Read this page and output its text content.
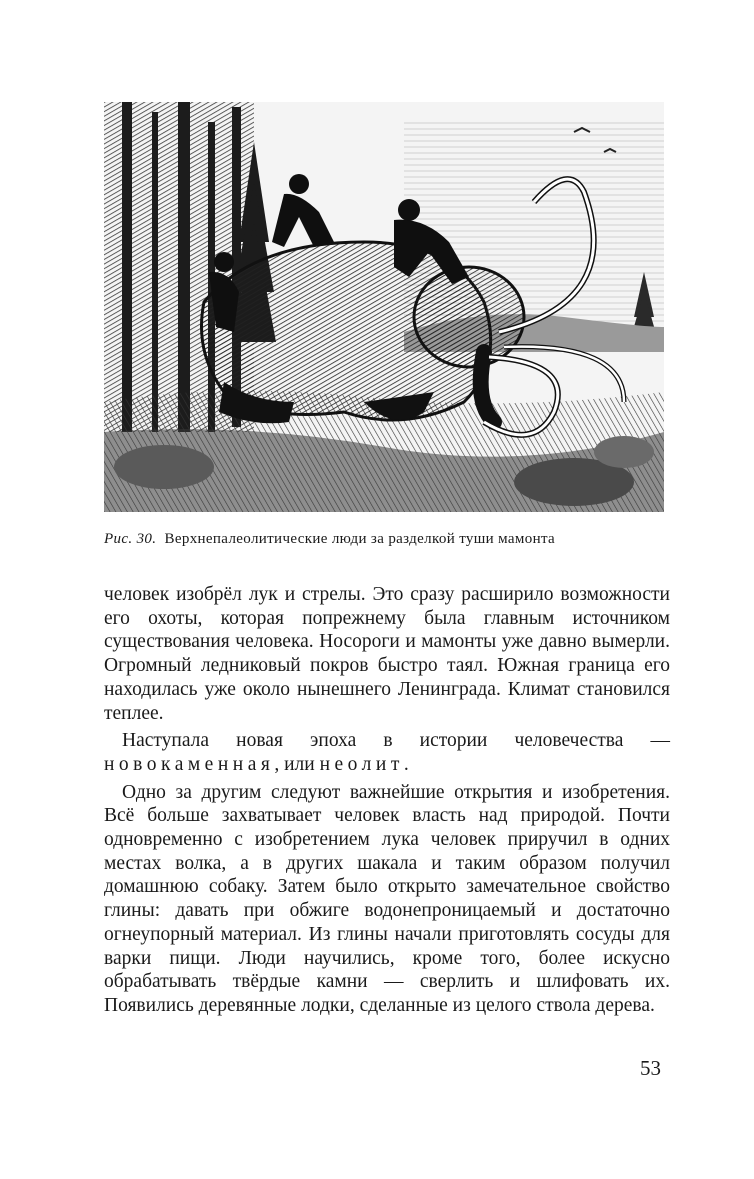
Рис. 30. Верхнепалеолитические люди за разделкой туши мамонта

человек изобрёл лук и стрелы. Это сразу расширило возможности его охоты, которая попрежнему была главным источником существования человека. Носороги и мамонты уже давно вымерли. Огромный ледниковый покров быстро таял. Южная граница его находилась уже около нынешнего Ленинграда. Климат становился теплее.

Наступала новая эпоха в истории человечества — новокаменная, или неолит.

Одно за другим следуют важнейшие открытия и изобретения. Всё больше захватывает человек власть над природой. Почти одновременно с изобретением лука человек приручил в одних местах волка, а в других шакала и таким образом получил домашнюю собаку. Затем было открыто замечательное свойство глины: давать при обжиге водонепроницаемый и достаточно огнеупорный материал. Из глины начали приготовлять сосуды для варки пищи. Люди научились, кроме того, более искусно обрабатывать твёрдые камни — сверлить и шлифовать их. Появились деревянные лодки, сделанные из целого ствола дерева.

53
